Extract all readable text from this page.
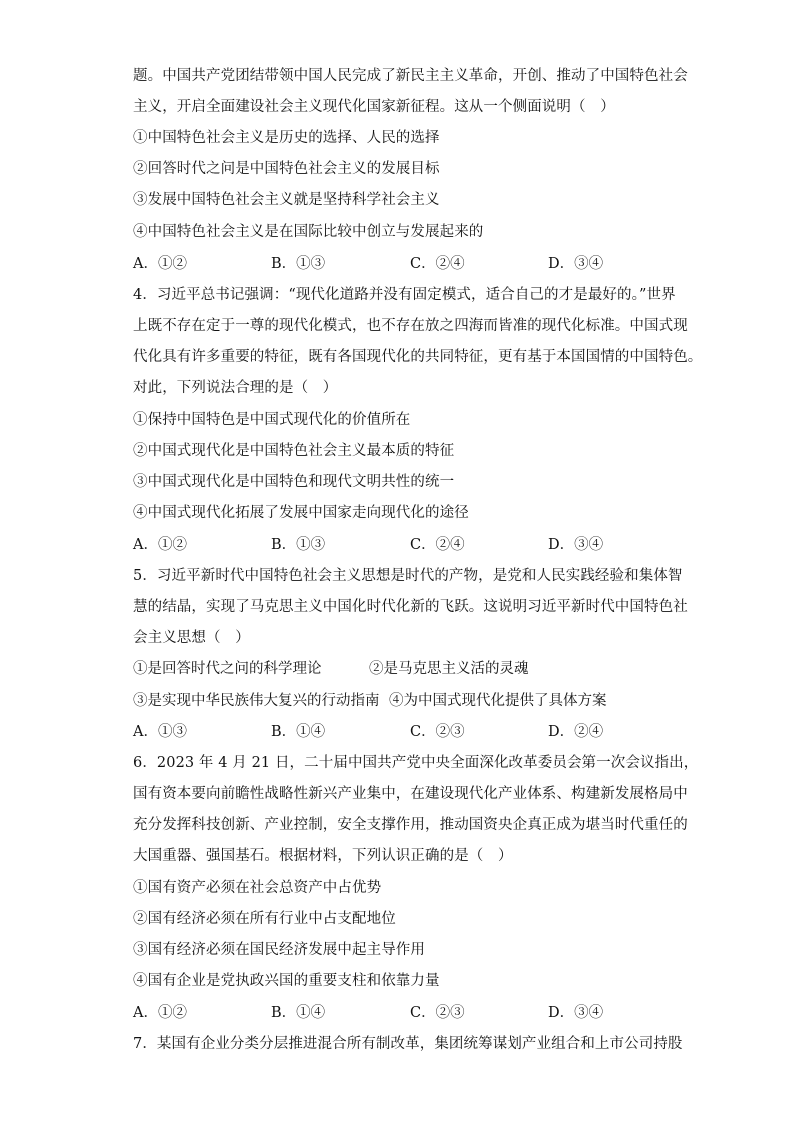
题。中国共产党团结带领中国人民完成了新民主主义革命，开创、推动了中国特色社会
主义，开启全面建设社会主义现代化国家新征程。这从一个侧面说明（　）
①中国特色社会主义是历史的选择、人民的选择
②回答时代之问是中国特色社会主义的发展目标
③发展中国特色社会主义就是坚持科学社会主义
④中国特色社会主义是在国际比较中创立与发展起来的
A．①②	B．①③	C．②④	D．③④
4．习近平总书记强调：“现代化道路并没有固定模式，适合自己的才是最好的。”世界
上既不存在定于一尊的现代化模式，也不存在放之四海而皆准的现代化标准。中国式现
代化具有许多重要的特征，既有各国现代化的共同特征，更有基于本国国情的中国特色。
对此，下列说法合理的是（　）
①保持中国特色是中国式现代化的价值所在
②中国式现代化是中国特色社会主义最本质的特征
③中国式现代化是中国特色和现代文明共性的统一
④中国式现代化拓展了发展中国家走向现代化的途径
A．①②	B．①③	C．②④	D．③④
5．习近平新时代中国特色社会主义思想是时代的产物，是党和人民实践经验和集体智
慧的结晶，实现了马克思主义中国化时代化新的飞跃。这说明习近平新时代中国特色社
会主义思想（　）
①是回答时代之问的科学理论	②是马克思主义活的灵魂
③是实现中华民族伟大复兴的行动指南 ④为中国式现代化提供了具体方案
A．①③	B．①④	C．②③	D．②④
6．2023 年 4 月 21 日，二十届中国共产党中央全面深化改革委员会第一次会议指出，
国有资本要向前瞻性战略性新兴产业集中，在建设现代化产业体系、构建新发展格局中
充分发挥科技创新、产业控制，安全支撑作用，推动国资央企真正成为堪当时代重任的
大国重器、强国基石。根据材料，下列认识正确的是（　）
①国有资产必须在社会总资产中占优势
②国有经济必须在所有行业中占支配地位
③国有经济必须在国民经济发展中起主导作用
④国有企业是党执政兴国的重要支柱和依靠力量
A．①②	B．①④	C．②③	D．③④
7．某国有企业分类分层推进混合所有制改革，集团统筹谋划产业组合和上市公司持股
